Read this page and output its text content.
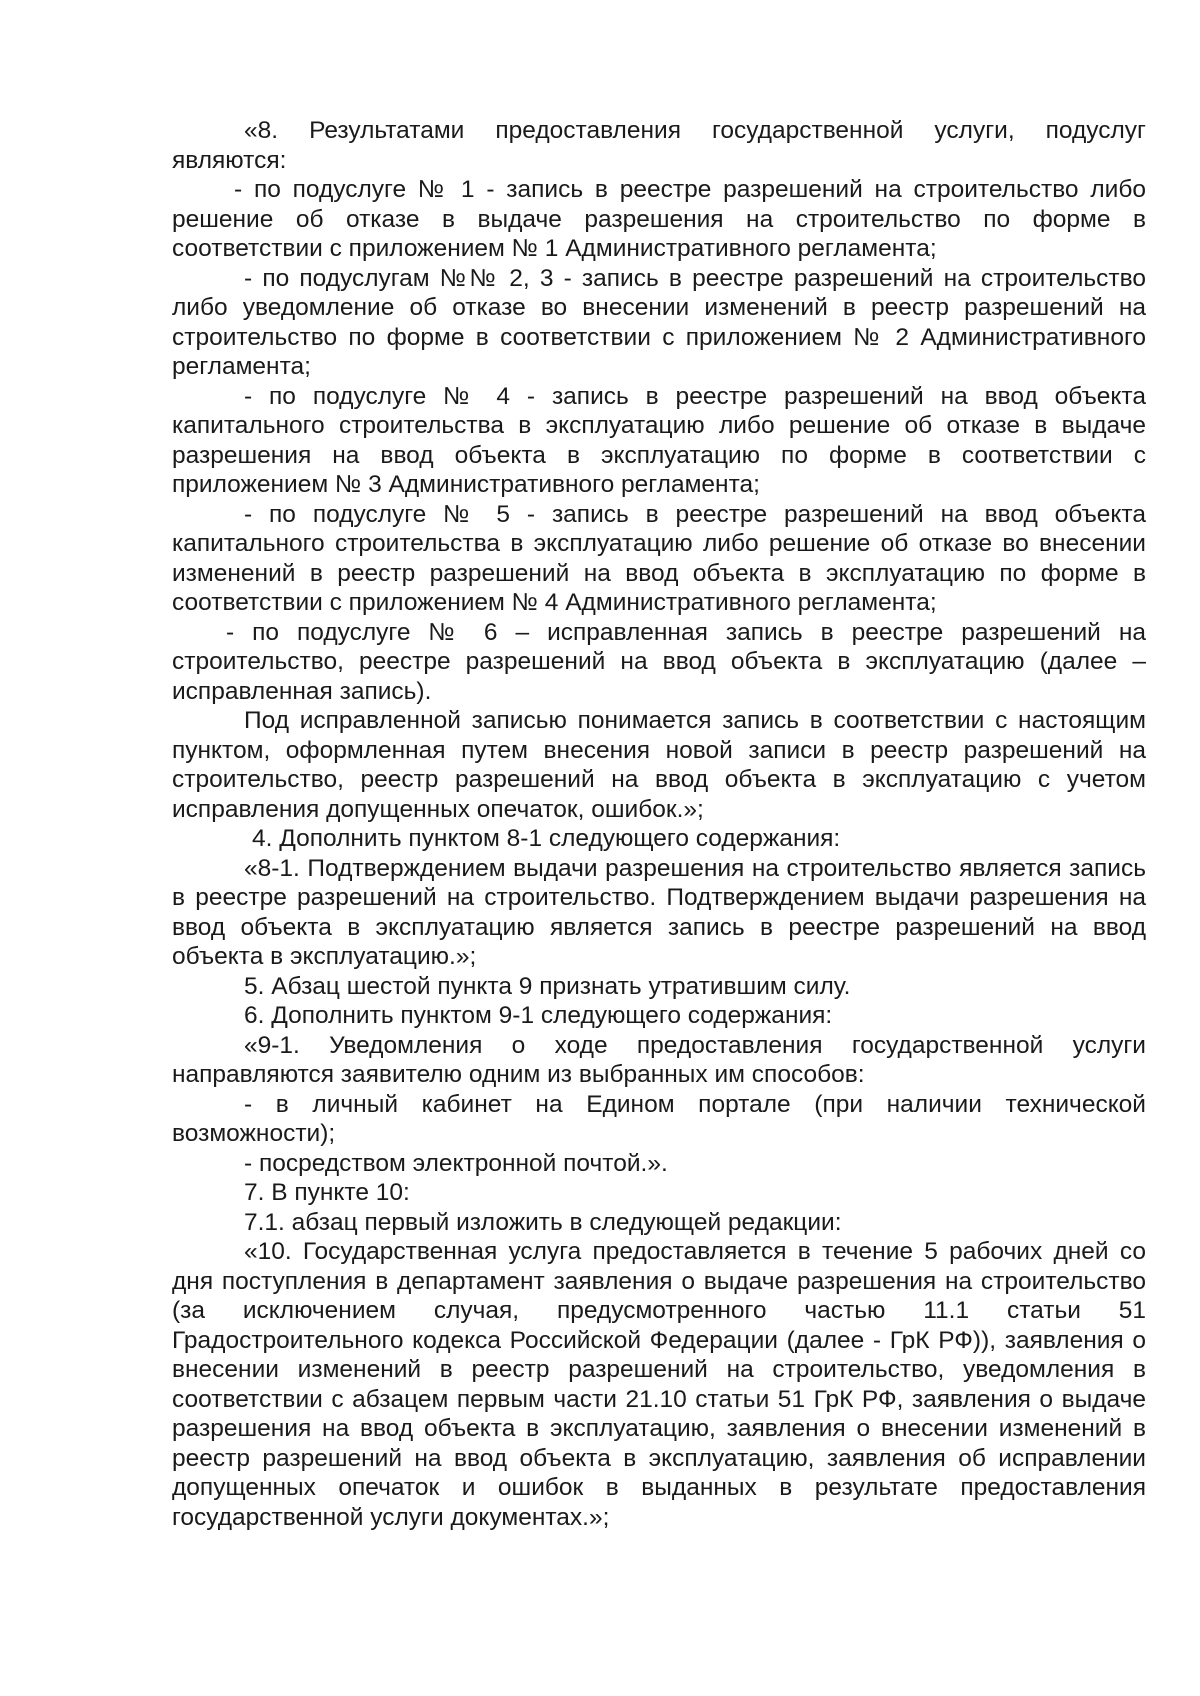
«8. Результатами предоставления государственной услуги, подуслуг являются:

- по подуслуге № 1 - запись в реестре разрешений на строительство либо решение об отказе в выдаче разрешения на строительство по форме в соответствии с приложением № 1 Административного регламента;

- по подуслугам №№ 2, 3 - запись в реестре разрешений на строительство либо уведомление об отказе во внесении изменений в реестр разрешений на строительство по форме в соответствии с приложением № 2 Административного регламента;

- по подуслуге № 4 - запись в реестре разрешений на ввод объекта капитального строительства в эксплуатацию либо решение об отказе в выдаче разрешения на ввод объекта в эксплуатацию по форме в соответствии с приложением № 3 Административного регламента;

- по подуслуге № 5 - запись в реестре разрешений на ввод объекта капитального строительства в эксплуатацию либо решение об отказе во внесении изменений в реестр разрешений на ввод объекта в эксплуатацию по форме в соответствии с приложением № 4 Административного регламента;

- по подуслуге № 6 – исправленная запись в реестре разрешений на строительство, реестре разрешений на ввод объекта в эксплуатацию (далее – исправленная запись).

Под исправленной записью понимается запись в соответствии с настоящим пунктом, оформленная путем внесения новой записи в реестр разрешений на строительство, реестр разрешений на ввод объекта в эксплуатацию с учетом исправления допущенных опечаток, ошибок.»;

4. Дополнить пунктом 8-1 следующего содержания:

«8-1. Подтверждением выдачи разрешения на строительство является запись в реестре разрешений на строительство. Подтверждением выдачи разрешения на ввод объекта в эксплуатацию является запись в реестре разрешений на ввод объекта в эксплуатацию.»;

5. Абзац шестой пункта 9 признать утратившим силу.

6. Дополнить пунктом 9-1 следующего содержания:

«9-1. Уведомления о ходе предоставления государственной услуги направляются заявителю одним из выбранных им способов:

- в личный кабинет на Едином портале (при наличии технической возможности);

- посредством электронной почтой.».

7. В пункте 10:

7.1. абзац первый изложить в следующей редакции:

«10. Государственная услуга предоставляется в течение 5 рабочих дней со дня поступления в департамент заявления о выдаче разрешения на строительство (за исключением случая, предусмотренного частью 11.1 статьи 51 Градостроительного кодекса Российской Федерации (далее - ГрК РФ)), заявления о внесении изменений в реестр разрешений на строительство, уведомления в соответствии с абзацем первым части 21.10 статьи 51 ГрК РФ, заявления о выдаче разрешения на ввод объекта в эксплуатацию, заявления о внесении изменений в реестр разрешений на ввод объекта в эксплуатацию, заявления об исправлении допущенных опечаток и ошибок в выданных в результате предоставления государственной услуги документах.»;
